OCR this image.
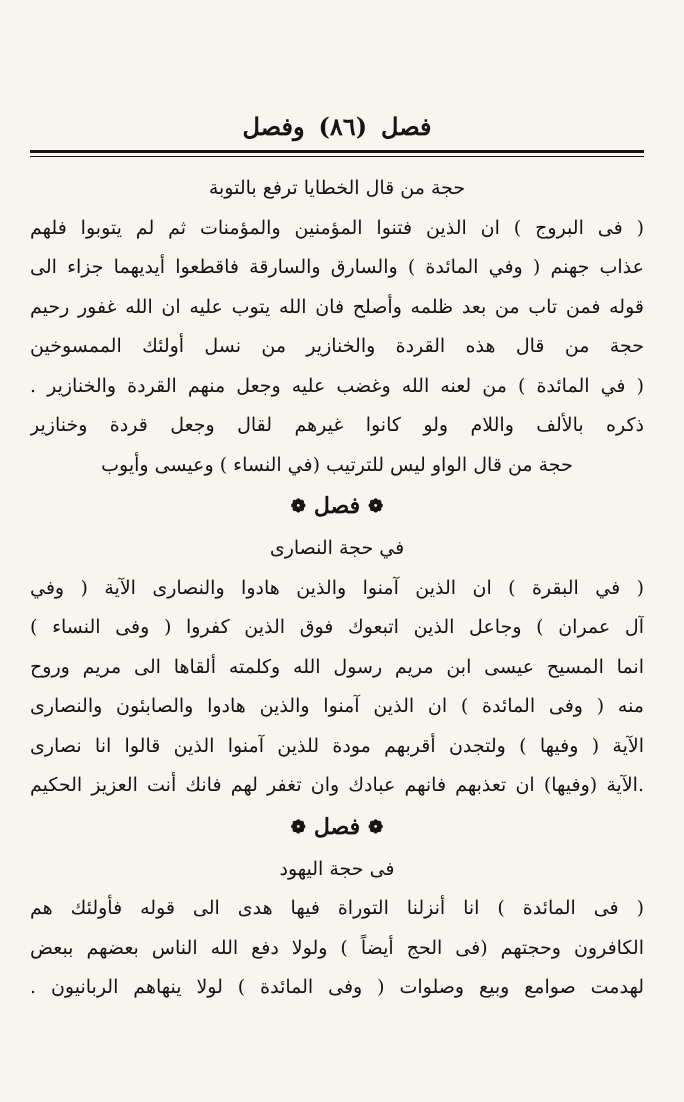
فصل
(٨٦)
وفصل
حجة من قال الخطايا ترفع بالتوبة
( فى البروج ) ان الذين فتنوا المؤمنين والمؤمنات ثم لم يتوبوا فلهم
عذاب جهنم ( وفي المائدة ) والسارق والسارقة فاقطعوا أيديهما جزاء الى
قوله فمن تاب من بعد ظلمه وأصلح فان الله يتوب عليه ان الله غفور رحيم
حجة من قال هذه القردة والخنازير من نسل أولئك الممسوخين
( في المائدة ) من لعنه الله وغضب عليه وجعل منهم القردة والخنازير .
ذكره بالألف واللام ولو كانوا غيرهم لقال وجعل قردة وخنازير
حجة من قال الواو ليس للترتيب (في النساء ) وعيسى وأيوب
❁
فصل
❁
في حجة النصارى
( في البقرة ) ان الذين آمنوا والذين هادوا والنصارى الآية ( وفي
آل عمران ) وجاعل الذين اتبعوك فوق الذين كفروا ( وفى النساء )
انما المسيح عيسى ابن مريم رسول الله وكلمته ألقاها الى مريم وروح
منه ( وفى المائدة ) ان الذين آمنوا والذين هادوا والصابئون والنصارى
الآية ( وفيها ) ولتجدن أقربهم مودة للذين آمنوا الذين قالوا انا نصارى
.الآية (وفيها) ان تعذبهم فانهم عبادك وان تغفر لهم فانك أنت العزيز الحكيم
❁
فصل
❁
فى حجة اليهود
( فى المائدة ) انا أنزلنا التوراة فيها هدى الى قوله فأولئك هم
الكافرون وحجتهم (فى الحج أيضاً ) ولولا دفع الله الناس بعضهم ببعض
لهدمت صوامع وبيع وصلوات ( وفى المائدة ) لولا ينهاهم الربانيون .
